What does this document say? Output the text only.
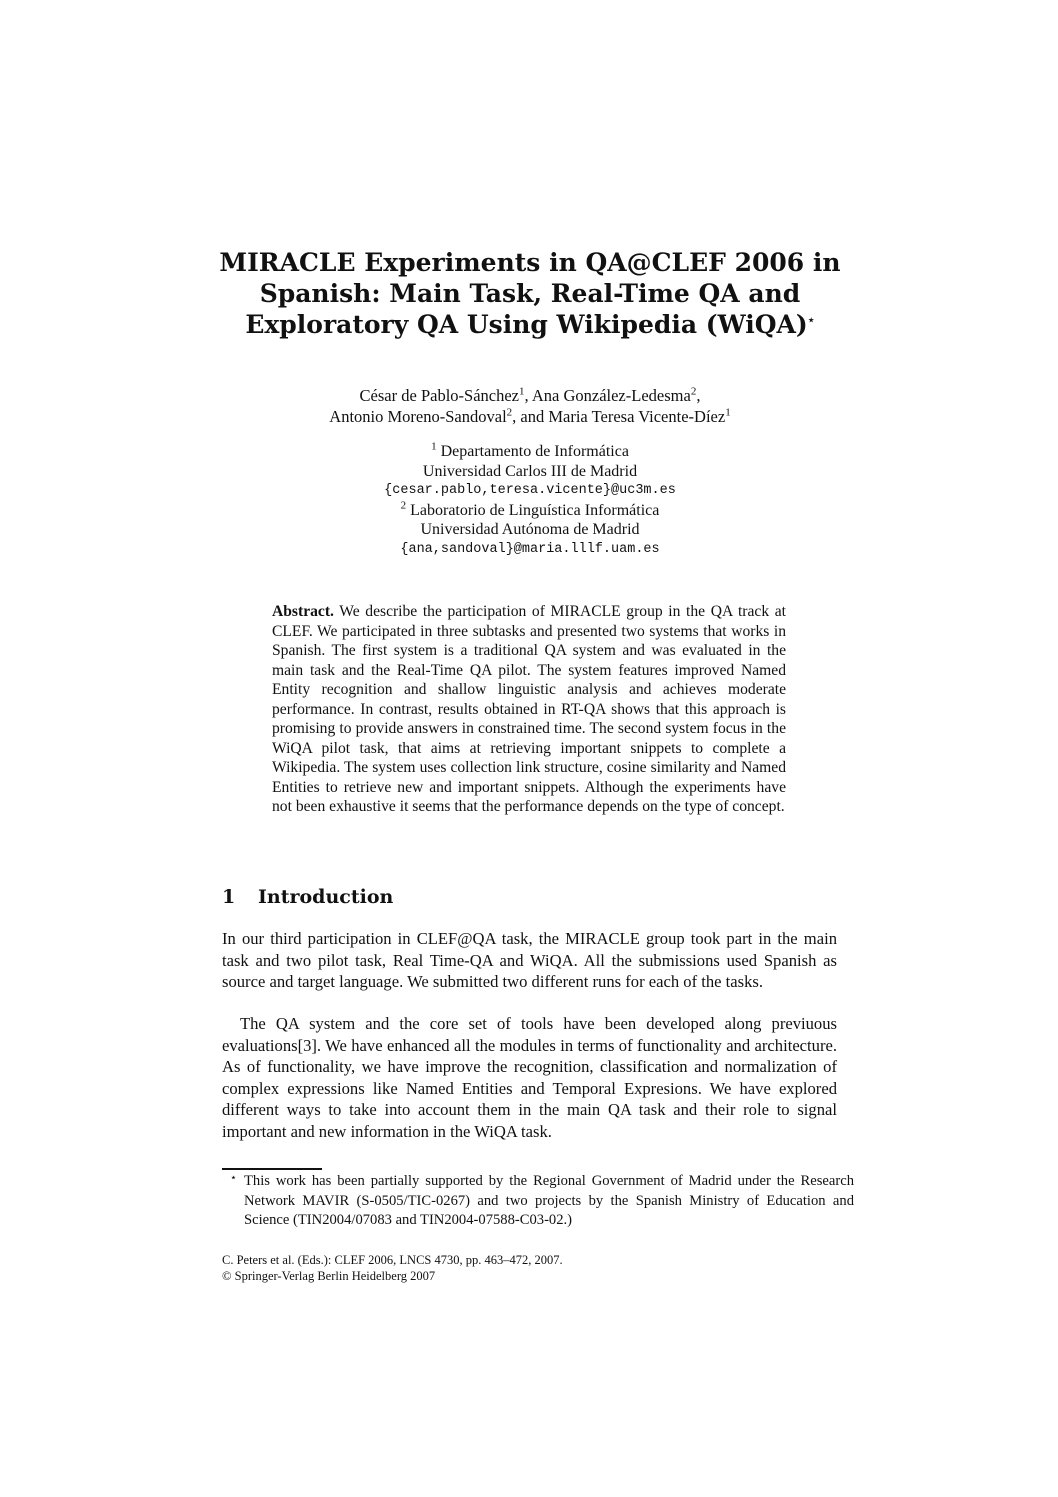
MIRACLE Experiments in QA@CLEF 2006 in
Spanish: Main Task, Real-Time QA and
Exploratory QA Using Wikipedia (WiQA)⋆
César de Pablo-Sánchez$^1$, Ana González-Ledesma$^2$,
Antonio Moreno-Sandoval$^2$, and Maria Teresa Vicente-Díez$^1$
$^1$ Departamento de Informática
Universidad Carlos III de Madrid
{cesar.pablo,teresa.vicente}@uc3m.es
$^2$ Laboratorio de Linguística Informática
Universidad Autónoma de Madrid
{ana,sandoval}@maria.lllf.uam.es
Abstract. We describe the participation of MIRACLE group in the QA track at CLEF. We participated in three subtasks and presented two systems that works in Spanish. The first system is a traditional QA system and was evaluated in the main task and the Real-Time QA pilot. The system features improved Named Entity recognition and shallow linguistic analysis and achieves moderate performance. In contrast, results obtained in RT-QA shows that this approach is promising to provide answers in constrained time. The second system focus in the WiQA pilot task, that aims at retrieving important snippets to complete a Wikipedia. The system uses collection link structure, cosine similarity and Named Entities to retrieve new and important snippets. Although the experiments have not been exhaustive it seems that the performance depends on the type of concept.
1 Introduction
In our third participation in CLEF@QA task, the MIRACLE group took part in the main task and two pilot task, Real Time-QA and WiQA. All the submissions used Spanish as source and target language. We submitted two different runs for each of the tasks.
The QA system and the core set of tools have been developed along previuous evaluations[3]. We have enhanced all the modules in terms of functionality and architecture. As of functionality, we have improve the recognition, classification and normalization of complex expressions like Named Entities and Temporal Expresions. We have explored different ways to take into account them in the main QA task and their role to signal important and new information in the WiQA task.
⋆ This work has been partially supported by the Regional Government of Madrid under the Research Network MAVIR (S-0505/TIC-0267) and two projects by the Spanish Ministry of Education and Science (TIN2004/07083 and TIN2004-07588-C03-02.)
C. Peters et al. (Eds.): CLEF 2006, LNCS 4730, pp. 463–472, 2007.
© Springer-Verlag Berlin Heidelberg 2007
